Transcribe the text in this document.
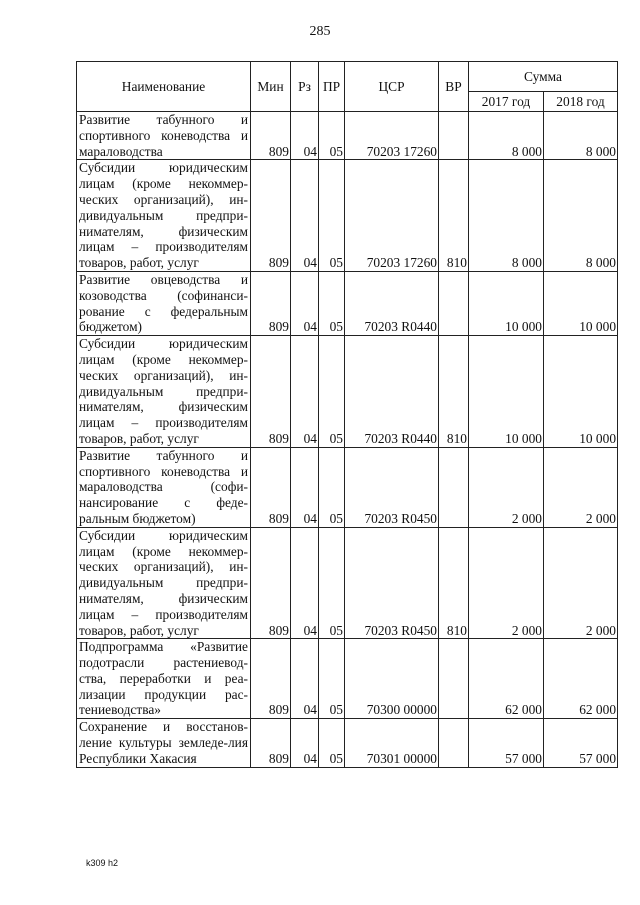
285
Наименование	Мин	Рз	ПР	ЦСР	ВР	Сумма	
						2017 год	2018 год
Развитие табунного и спортивного коневодства и мараловодства	809	04	05	70203 17260		8 000	8 000
Субсидии юридическим лицам (кроме некоммер-ческих организаций), ин-дивидуальным предпри-нимателям, физическим лицам – производителям товаров, работ, услуг	809	04	05	70203 17260	810	8 000	8 000
Развитие овцеводства и козоводства (софинанси-рование с федеральным бюджетом)	809	04	05	70203 R0440		10 000	10 000
Субсидии юридическим лицам (кроме некоммер-ческих организаций), ин-дивидуальным предпри-нимателям, физическим лицам – производителям товаров, работ, услуг	809	04	05	70203 R0440	810	10 000	10 000
Развитие табунного и спортивного коневодства и мараловодства (софи-нансирование с феде-ральным бюджетом)	809	04	05	70203 R0450		2 000	2 000
Субсидии юридическим лицам (кроме некоммер-ческих организаций), ин-дивидуальным предпри-нимателям, физическим лицам – производителям товаров, работ, услуг	809	04	05	70203 R0450	810	2 000	2 000
Подпрограмма «Развитие подотрасли растениевод-ства, переработки и реа-лизации продукции рас-тениеводства»	809	04	05	70300 00000		62 000	62 000
Сохранение и восстанов-ление культуры земледе-лия Республики Хакасия	809	04	05	70301 00000		57 000	57 000
k309 h2
